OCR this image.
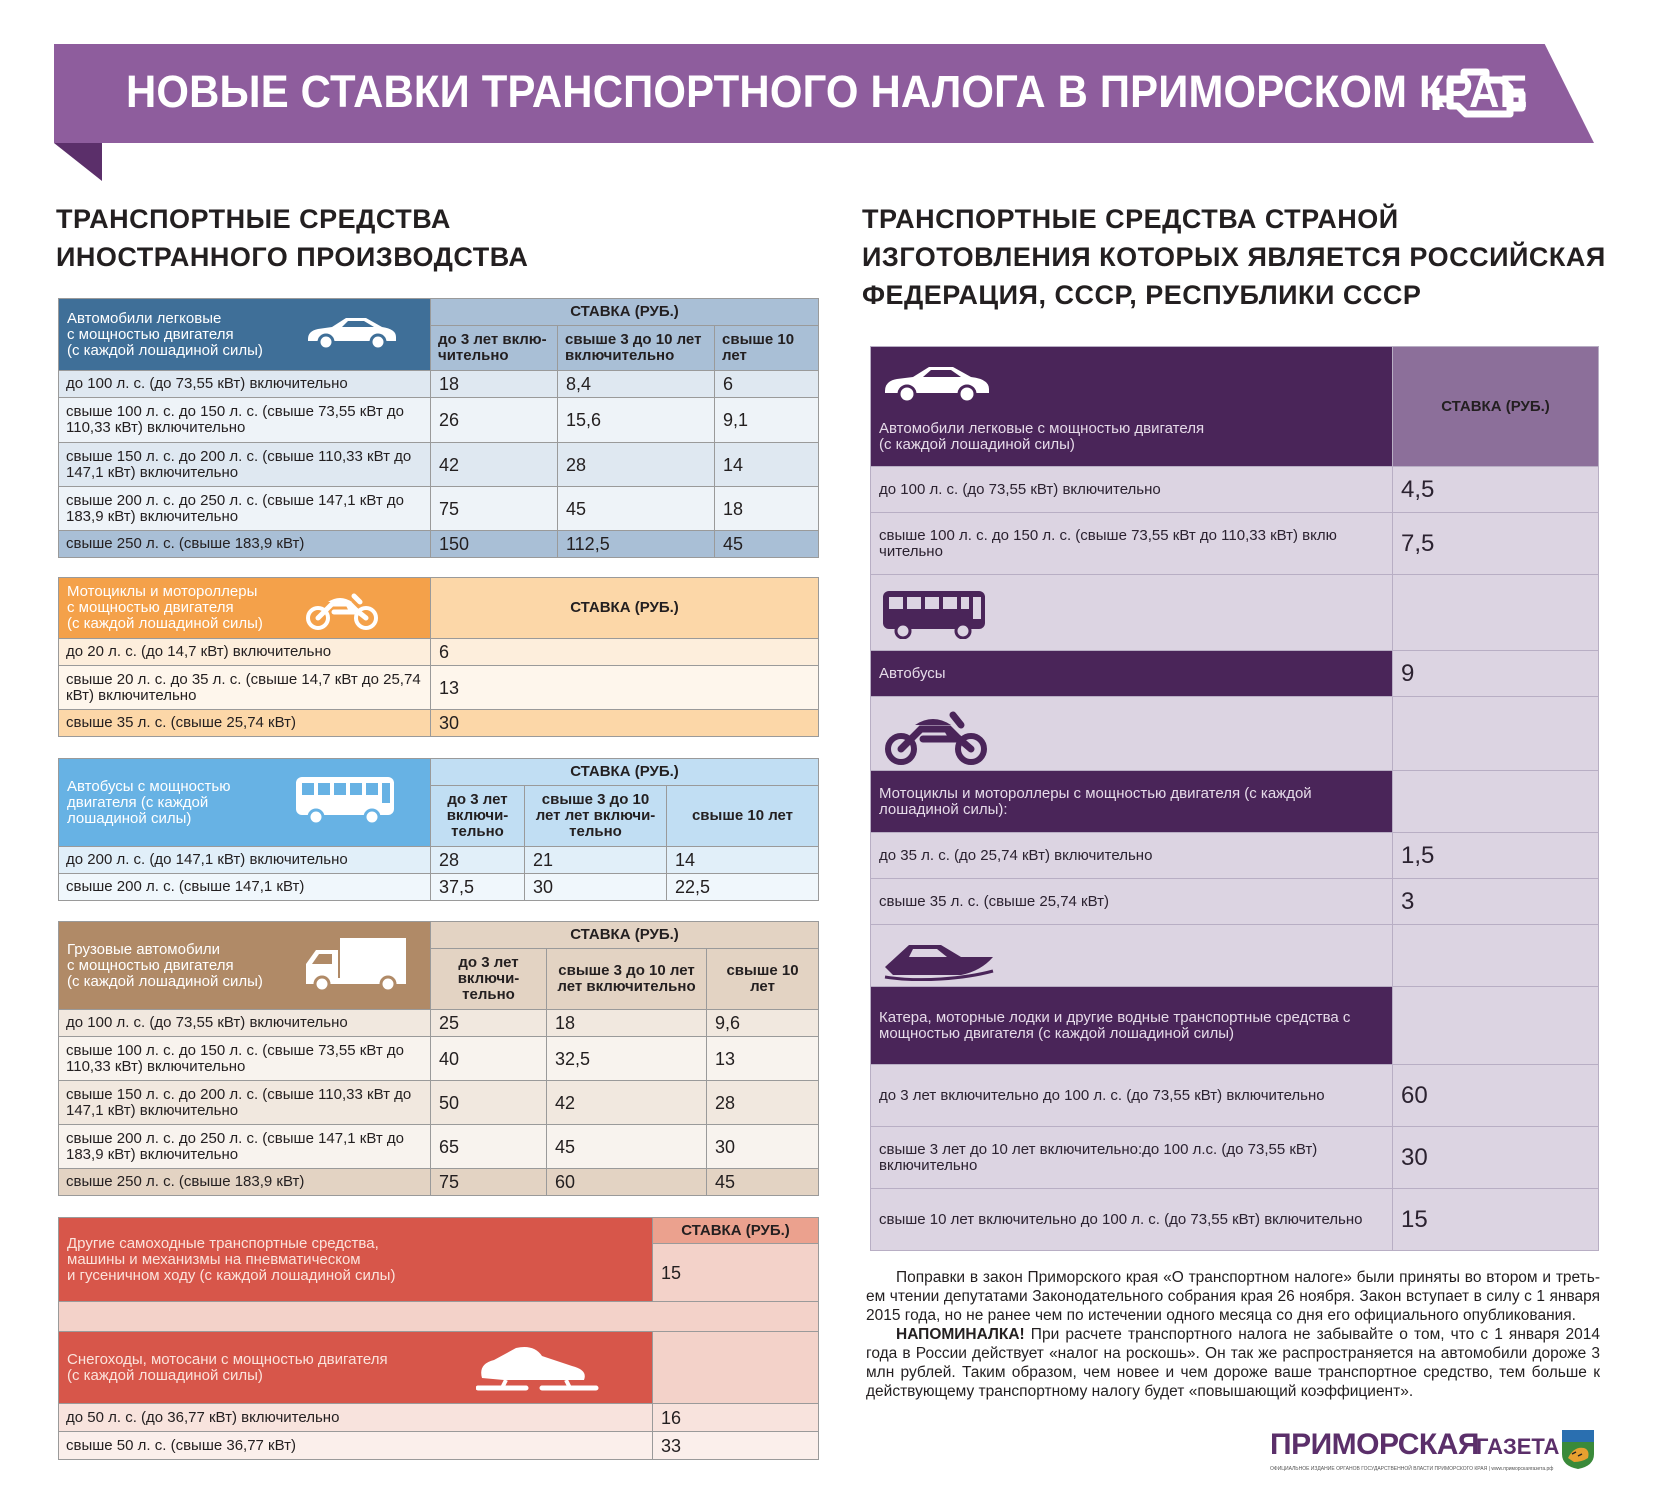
НОВЫЕ СТАВКИ ТРАНСПОРТНОГО НАЛОГА В ПРИМОРСКОМ КРАЕ
ТРАНСПОРТНЫЕ СРЕДСТВА
ИНОСТРАННОГО ПРОИЗВОДСТВА
ТРАНСПОРТНЫЕ СРЕДСТВА СТРАНОЙ
ИЗГОТОВЛЕНИЯ КОТОРЫХ ЯВЛЯЕТСЯ РОССИЙСКАЯ
ФЕДЕРАЦИЯ, СССР, РЕСПУБЛИКИ СССР
Автомобили легковые
с мощностью двигателя
(с каждой лошадиной силы)	СТАВКА (РУБ.)		
	до 3 лет вклю- чительно	свыше 3 до 10 лет включительно	свыше 10 лет
до 100 л. с. (до 73,55 кВт) включительно	18	8,4	6
свыше 100 л. с. до 150 л. с. (свыше 73,55 кВт до 110,33 кВт) включительно	26	15,6	9,1
свыше 150 л. с. до 200 л. с. (свыше 110,33 кВт до 147,1 кВт) включительно	42	28	14
свыше 200 л. с. до 250 л. с. (свыше 147,1 кВт до 183,9 кВт) включительно	75	45	18
свыше 250 л. с. (свыше 183,9 кВт)	150	112,5	45
Мотоциклы и мотороллеры
с мощностью двигателя
(с каждой лошадиной силы)	СТАВКА (РУБ.)
до 20 л. с. (до 14,7 кВт) включительно	6
свыше 20 л. с. до 35 л. с. (свыше 14,7 кВт до 25,74 кВт) включительно	13
свыше 35 л. с. (свыше 25,74 кВт)	30
Автобусы с мощностью
двигателя (с каждой
лошадиной силы)	СТАВКА (РУБ.)		
	до 3 лет включи- тельно	свыше 3 до 10 лет лет включи- тельно	свыше 10 лет
до 200 л. с. (до 147,1 кВт) включительно	28	21	14
свыше 200 л. с. (свыше 147,1 кВт)	37,5	30	22,5
Грузовые автомобили
с мощностью двигателя
(с каждой лошадиной силы)	СТАВКА (РУБ.)		
	до 3 лет включи- тельно	свыше 3 до 10 лет лет включительно	свыше 10 лет
до 100 л. с. (до 73,55 кВт) включительно	25	18	9,6
свыше 100 л. с. до 150 л. с. (свыше 73,55 кВт до 110,33 кВт) включительно	40	32,5	13
свыше 150 л. с. до 200 л. с. (свыше 110,33 кВт до 147,1 кВт) включительно	50	42	28
свыше 200 л. с. до 250 л. с. (свыше 147,1 кВт до 183,9 кВт) включительно	65	45	30
свыше 250 л. с. (свыше 183,9 кВт)	75	60	45
Другие самоходные транспортные средства,
машины и механизмы на пневматическом
и гусеничном ходу (с каждой лошадиной силы)	СТАВКА (РУБ.)
	15

Снегоходы, мотосани с мощностью двигателя
(с каждой лошадиной силы)	

до 50 л. с. (до 36,77 кВт) включительно	16
свыше 50 л. с. (свыше 36,77 кВт)	33
Автомобили легковые с мощностью двигателя
(с каждой лошадиной силы)	СТАВКА (РУБ.)
до 100 л. с. (до 73,55 кВт) включительно	4,5
свыше 100 л. с. до 150 л. с. (свыше 73,55 кВт до 110,33 кВт) вклю чительно	7,5

Автобусы	9

Мотоциклы и мотороллеры с мощностью двигателя (с каждой
лошадиной силы):	

до 35 л. с. (до 25,74 кВт) включительно	1,5
свыше 35 л. с. (свыше 25,74 кВт)	3

Катера, моторные лодки и другие водные транспортные средства с
мощностью двигателя (с каждой лошадиной силы)	

до 3 лет включительно до 100 л. с. (до 73,55 кВт) включительно	60
свыше 3 лет до 10 лет включительно:до 100 л.с. (до 73,55 кВт) включительно	30
свыше 10 лет включительно до 100 л. с. (до 73,55 кВт) включительно	15

Поправки в закон Приморского края «О транспортном налоге» были приняты во втором и треть-ем чтении депутатами Законодательного собрания края 26 ноября. Закон вступает в силу с 1 января 2015 года, но не ранее чем по истечении одного месяца со дня его официального опубликования.

НАПОМИНАЛКА! При расчете транспортного налога не забывайте о том, что с 1 января 2014 года в России действует «налог на роскошь». Он так же распространяется на автомобили дороже 3 млн рублей. Таким образом, чем новее и чем дороже ваше транспортное средство, тем больше к действующему транспортному налогу будет «повышающий коэффициент».

ПРИМОРСКАЯ
ГАЗЕТА
ОФИЦИАЛЬНОЕ ИЗДАНИЕ ОРГАНОВ ГОСУДАРСТВЕННОЙ ВЛАСТИ ПРИМОРСКОГО КРАЯ | www.приморскаягазета.рф
